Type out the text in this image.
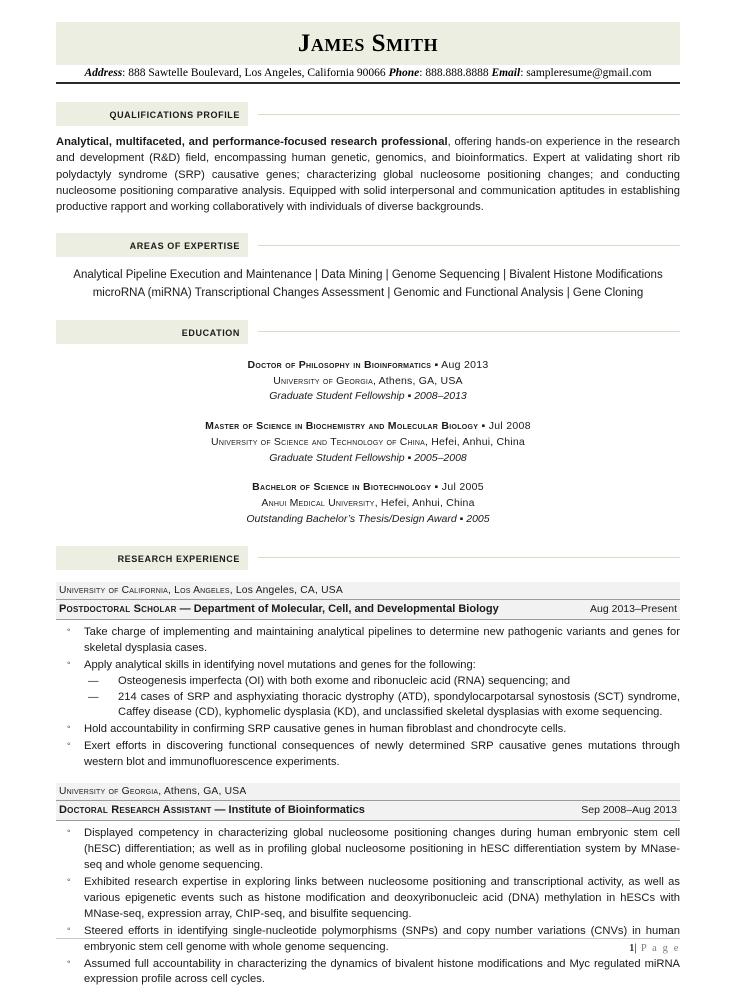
James Smith
Address: 888 Sawtelle Boulevard, Los Angeles, California 90066 Phone: 888.888.8888 Email: sampleresume@gmail.com
QUALIFICATIONS PROFILE

Analytical, multifaceted, and performance-focused research professional, offering hands-on experience in the research and development (R&D) field, encompassing human genetic, genomics, and bioinformatics. Expert at validating short rib polydactyly syndrome (SRP) causative genes; characterizing global nucleosome positioning changes; and conducting nucleosome positioning comparative analysis. Equipped with solid interpersonal and communication aptitudes in establishing productive rapport and working collaboratively with individuals of diverse backgrounds.

AREAS OF EXPERTISE
Analytical Pipeline Execution and Maintenance | Data Mining | Genome Sequencing | Bivalent Histone Modifications
microRNA (miRNA) Transcriptional Changes Assessment | Genomic and Functional Analysis | Gene Cloning
EDUCATION
Doctor of Philosophy in Bioinformatics ▪ Aug 2013
University of Georgia, Athens, GA, USA
Graduate Student Fellowship ▪ 2008–2013
Master of Science in Biochemistry and Molecular Biology ▪ Jul 2008
University of Science and Technology of China, Hefei, Anhui, China
Graduate Student Fellowship ▪ 2005–2008
Bachelor of Science in Biotechnology ▪ Jul 2005
Anhui Medical University, Hefei, Anhui, China
Outstanding Bachelor’s Thesis/Design Award ▪ 2005
RESEARCH EXPERIENCE
University of California, Los Angeles, Los Angeles, CA, USA
Postdoctoral Scholar — Department of Molecular, Cell, and Developmental Biology	Aug 2013–Present
◦ Take charge of implementing and maintaining analytical pipelines to determine new pathogenic variants and genes for skeletal dysplasia cases.
◦ Apply analytical skills in identifying novel mutations and genes for the following:
— Osteogenesis imperfecta (OI) with both exome and ribonucleic acid (RNA) sequencing; and
— 214 cases of SRP and asphyxiating thoracic dystrophy (ATD), spondylocarpotarsal synostosis (SCT) syndrome, Caffey disease (CD), kyphomelic dysplasia (KD), and unclassified skeletal dysplasias with exome sequencing.
◦ Hold accountability in confirming SRP causative genes in human fibroblast and chondrocyte cells.
◦ Exert efforts in discovering functional consequences of newly determined SRP causative genes mutations through western blot and immunofluorescence experiments.
University of Georgia, Athens, GA, USA
Doctoral Research Assistant — Institute of Bioinformatics	Sep 2008–Aug 2013
◦ Displayed competency in characterizing global nucleosome positioning changes during human embryonic stem cell (hESC) differentiation; as well as in profiling global nucleosome positioning in hESC differentiation system by MNase-seq and whole genome sequencing.
◦ Exhibited research expertise in exploring links between nucleosome positioning and transcriptional activity, as well as various epigenetic events such as histone modification and deoxyribonucleic acid (DNA) methylation in hESCs with MNase-seq, expression array, ChIP-seq, and bisulfite sequencing.
◦ Steered efforts in identifying single-nucleotide polymorphisms (SNPs) and copy number variations (CNVs) in human embryonic stem cell genome with whole genome sequencing.
◦ Assumed full accountability in characterizing the dynamics of bivalent histone modifications and Myc regulated miRNA expression profile across cell cycles.
1| P a g e
